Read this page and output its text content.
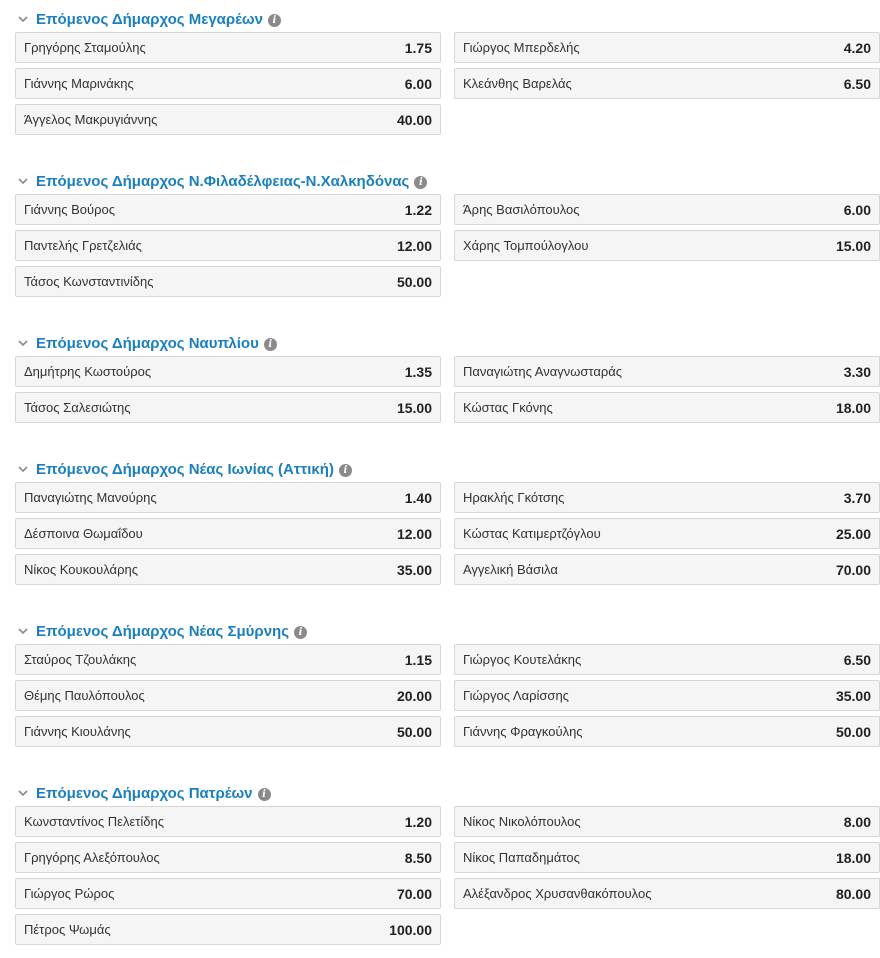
Επόμενος Δήμαρχος Μεγαρέων i
Γρηγόρης Σταμούλης	1.75 Γιώργος Μπερδελής	4.20
Γιάννης Μαρινάκης	6.00 Κλεάνθης Βαρελάς	6.50
Άγγελος Μακρυγιάννης	40.00
Επόμενος Δήμαρχος Ν.Φιλαδέλφειας-Ν.Χαλκηδόνας i
Γιάννης Βούρος	1.22 Άρης Βασιλόπουλος	6.00
Παντελής Γρετζελιάς	12.00 Χάρης Τομπούλογλου	15.00
Τάσος Κωνσταντινίδης	50.00
Επόμενος Δήμαρχος Ναυπλίου i
Δημήτρης Κωστούρος	1.35 Παναγιώτης Αναγνωσταράς	3.30
Τάσος Σαλεσιώτης	15.00 Κώστας Γκόνης	18.00
Επόμενος Δήμαρχος Νέας Ιωνίας (Αττική) i
Παναγιώτης Μανούρης	1.40 Ηρακλής Γκότσης	3.70
Δέσποινα Θωμαΐδου	12.00 Κώστας Κατιμερτζόγλου	25.00
Νίκος Κουκουλάρης	35.00 Αγγελική Βάσιλα	70.00
Επόμενος Δήμαρχος Νέας Σμύρνης i
Σταύρος Τζουλάκης	1.15 Γιώργος Κουτελάκης	6.50
Θέμης Παυλόπουλος	20.00 Γιώργος Λαρίσσης	35.00
Γιάννης Κιουλάνης	50.00 Γιάννης Φραγκούλης	50.00
Επόμενος Δήμαρχος Πατρέων i
Κωνσταντίνος Πελετίδης	1.20 Νίκος Νικολόπουλος	8.00
Γρηγόρης Αλεξόπουλος	8.50 Νίκος Παπαδημάτος	18.00
Γιώργος Ρώρος	70.00 Αλέξανδρος Χρυσανθακόπουλος	80.00
Πέτρος Ψωμάς	100.00
